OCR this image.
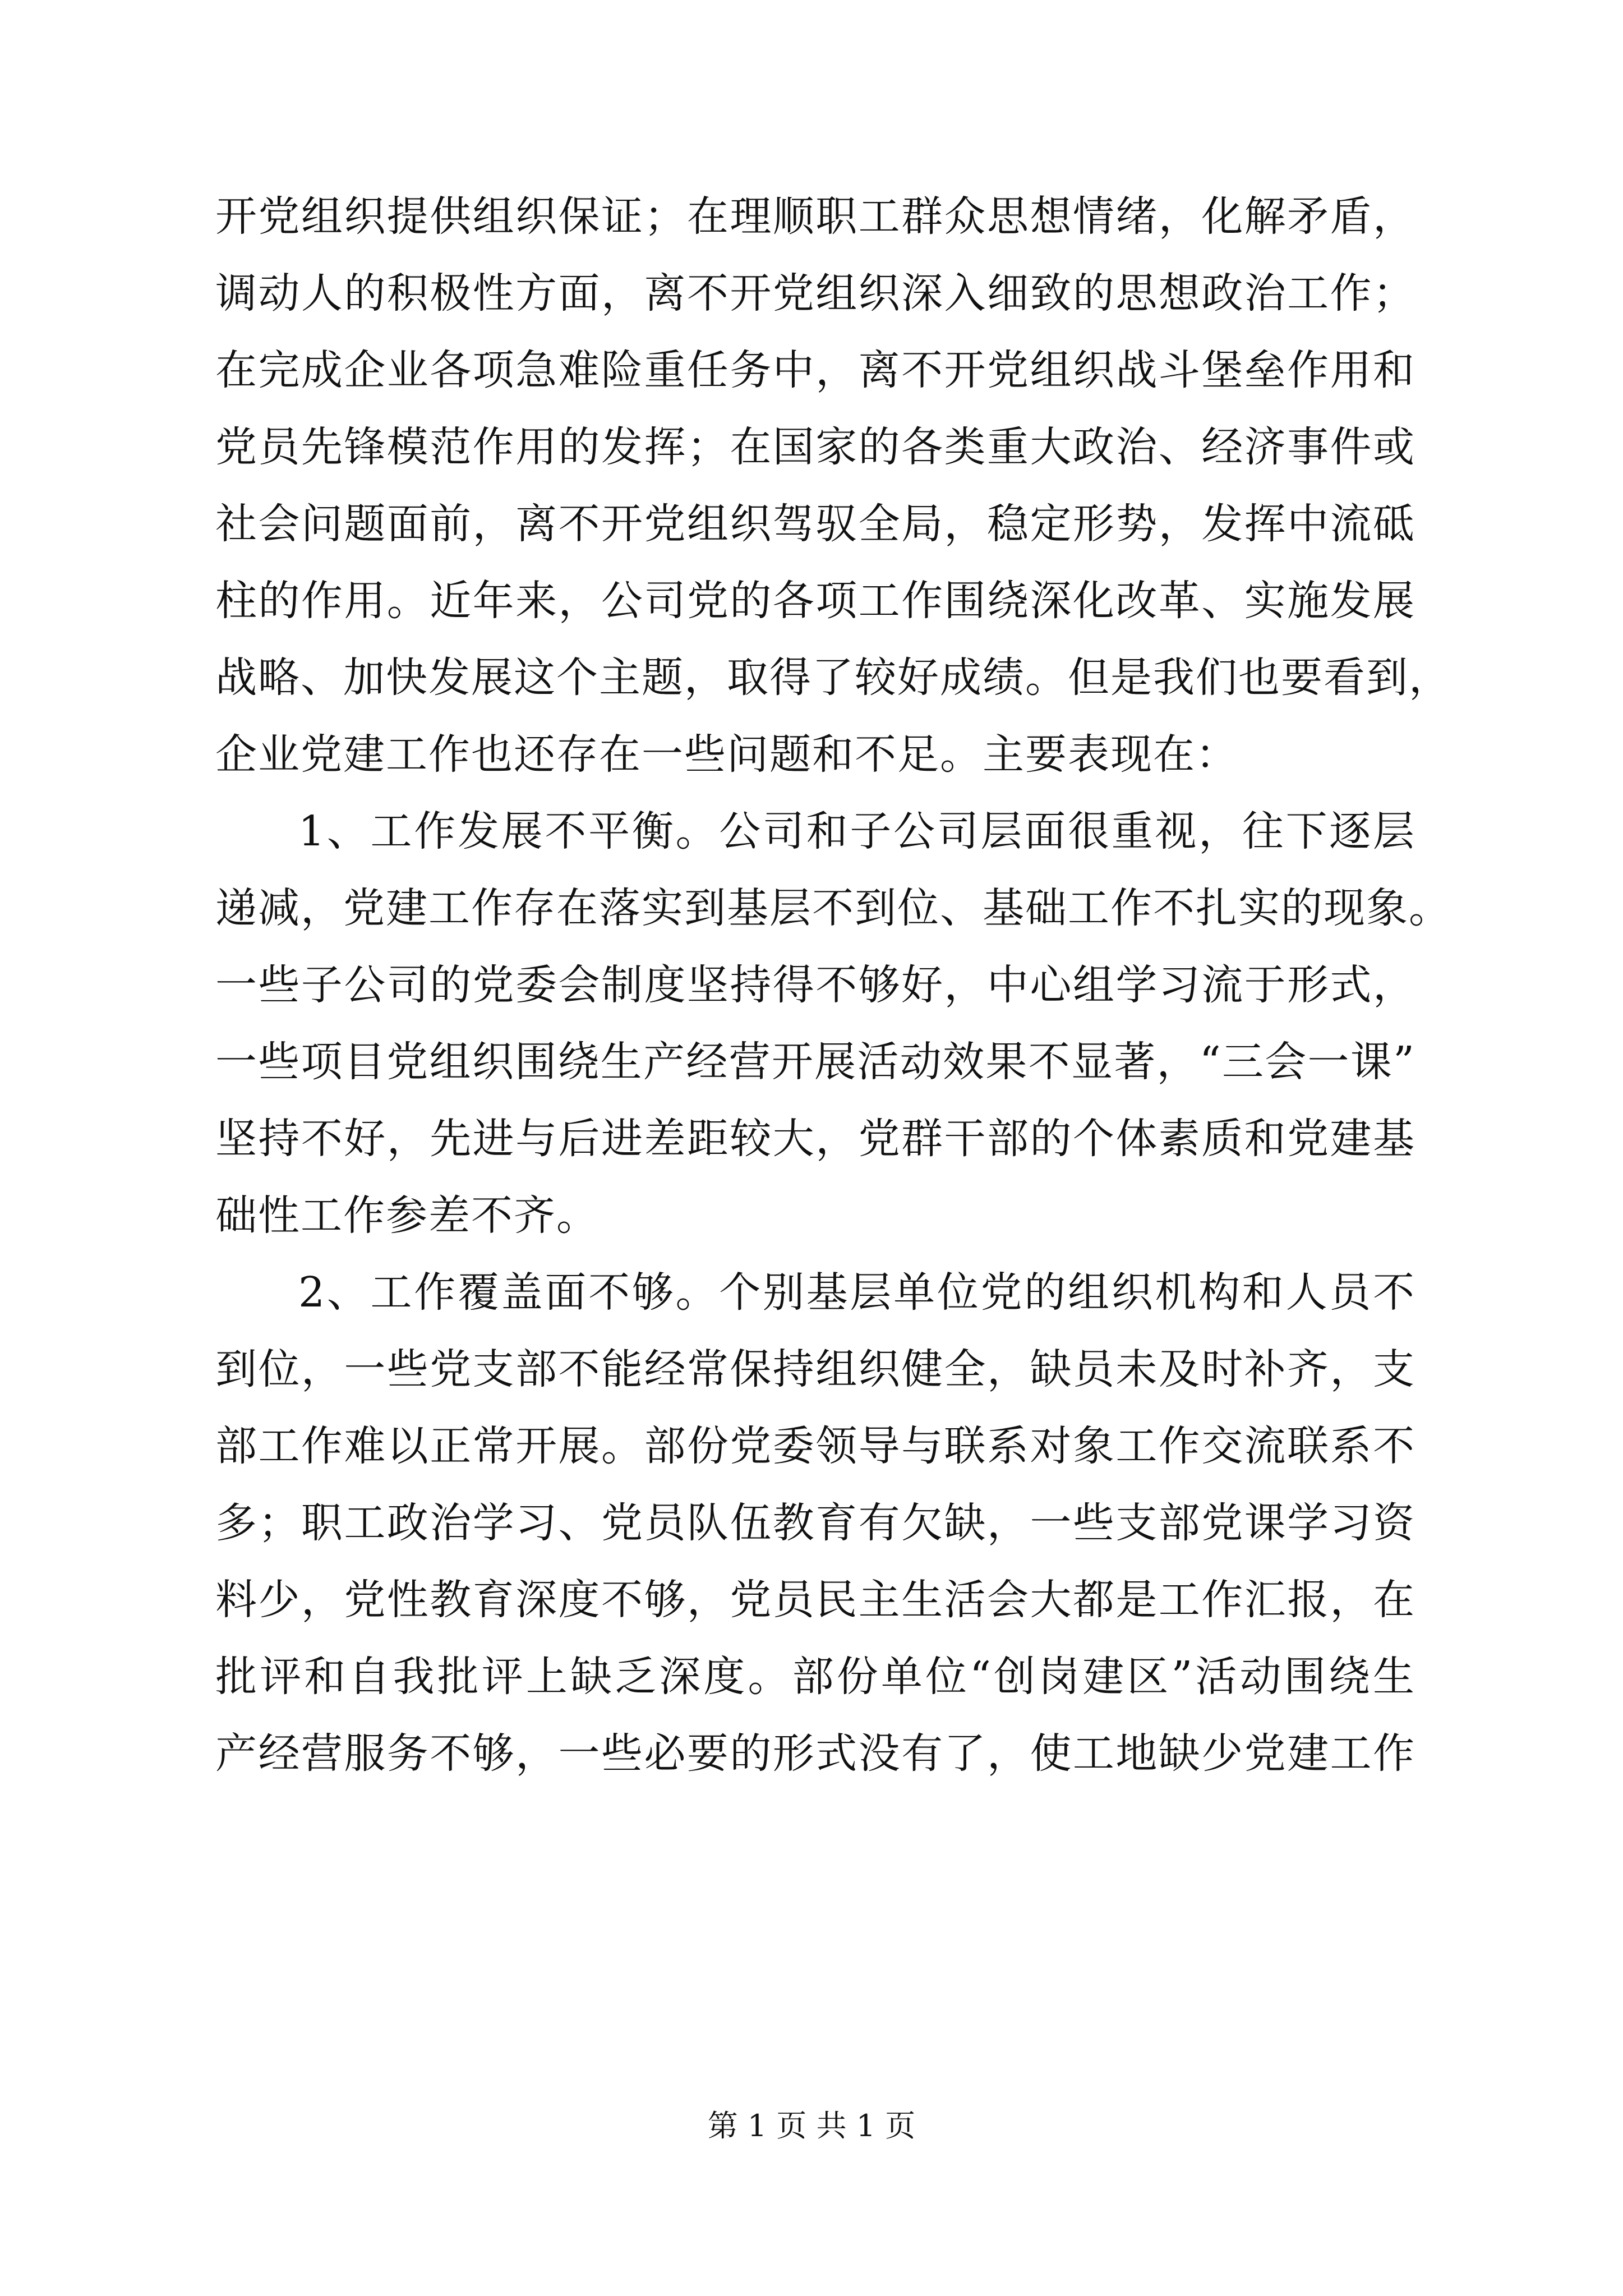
开党组织提供组织保证；在理顺职工群众思想情绪，化解矛盾，
调动人的积极性方面，离不开党组织深入细致的思想政治工作；
在完成企业各项急难险重任务中，离不开党组织战斗堡垒作用和
党员先锋模范作用的发挥；在国家的各类重大政治、经济事件或
社会问题面前，离不开党组织驾驭全局，稳定形势，发挥中流砥
柱的作用。近年来，公司党的各项工作围绕深化改革、实施发展
战略、加快发展这个主题，取得了较好成绩。但是我们也要看到，
企业党建工作也还存在一些问题和不足。主要表现在：
1、工作发展不平衡。公司和子公司层面很重视，往下逐层
递减，党建工作存在落实到基层不到位、基础工作不扎实的现象。
一些子公司的党委会制度坚持得不够好，中心组学习流于形式，
一些项目党组织围绕生产经营开展活动效果不显著，“三会一课”
坚持不好，先进与后进差距较大，党群干部的个体素质和党建基
础性工作参差不齐。
2、工作覆盖面不够。个别基层单位党的组织机构和人员不
到位，一些党支部不能经常保持组织健全，缺员未及时补齐，支
部工作难以正常开展。部份党委领导与联系对象工作交流联系不
多；职工政治学习、党员队伍教育有欠缺，一些支部党课学习资
料少，党性教育深度不够，党员民主生活会大都是工作汇报，在
批评和自我批评上缺乏深度。部份单位“创岗建区”活动围绕生
产经营服务不够，一些必要的形式没有了，使工地缺少党建工作
第 1 页 共 1 页
